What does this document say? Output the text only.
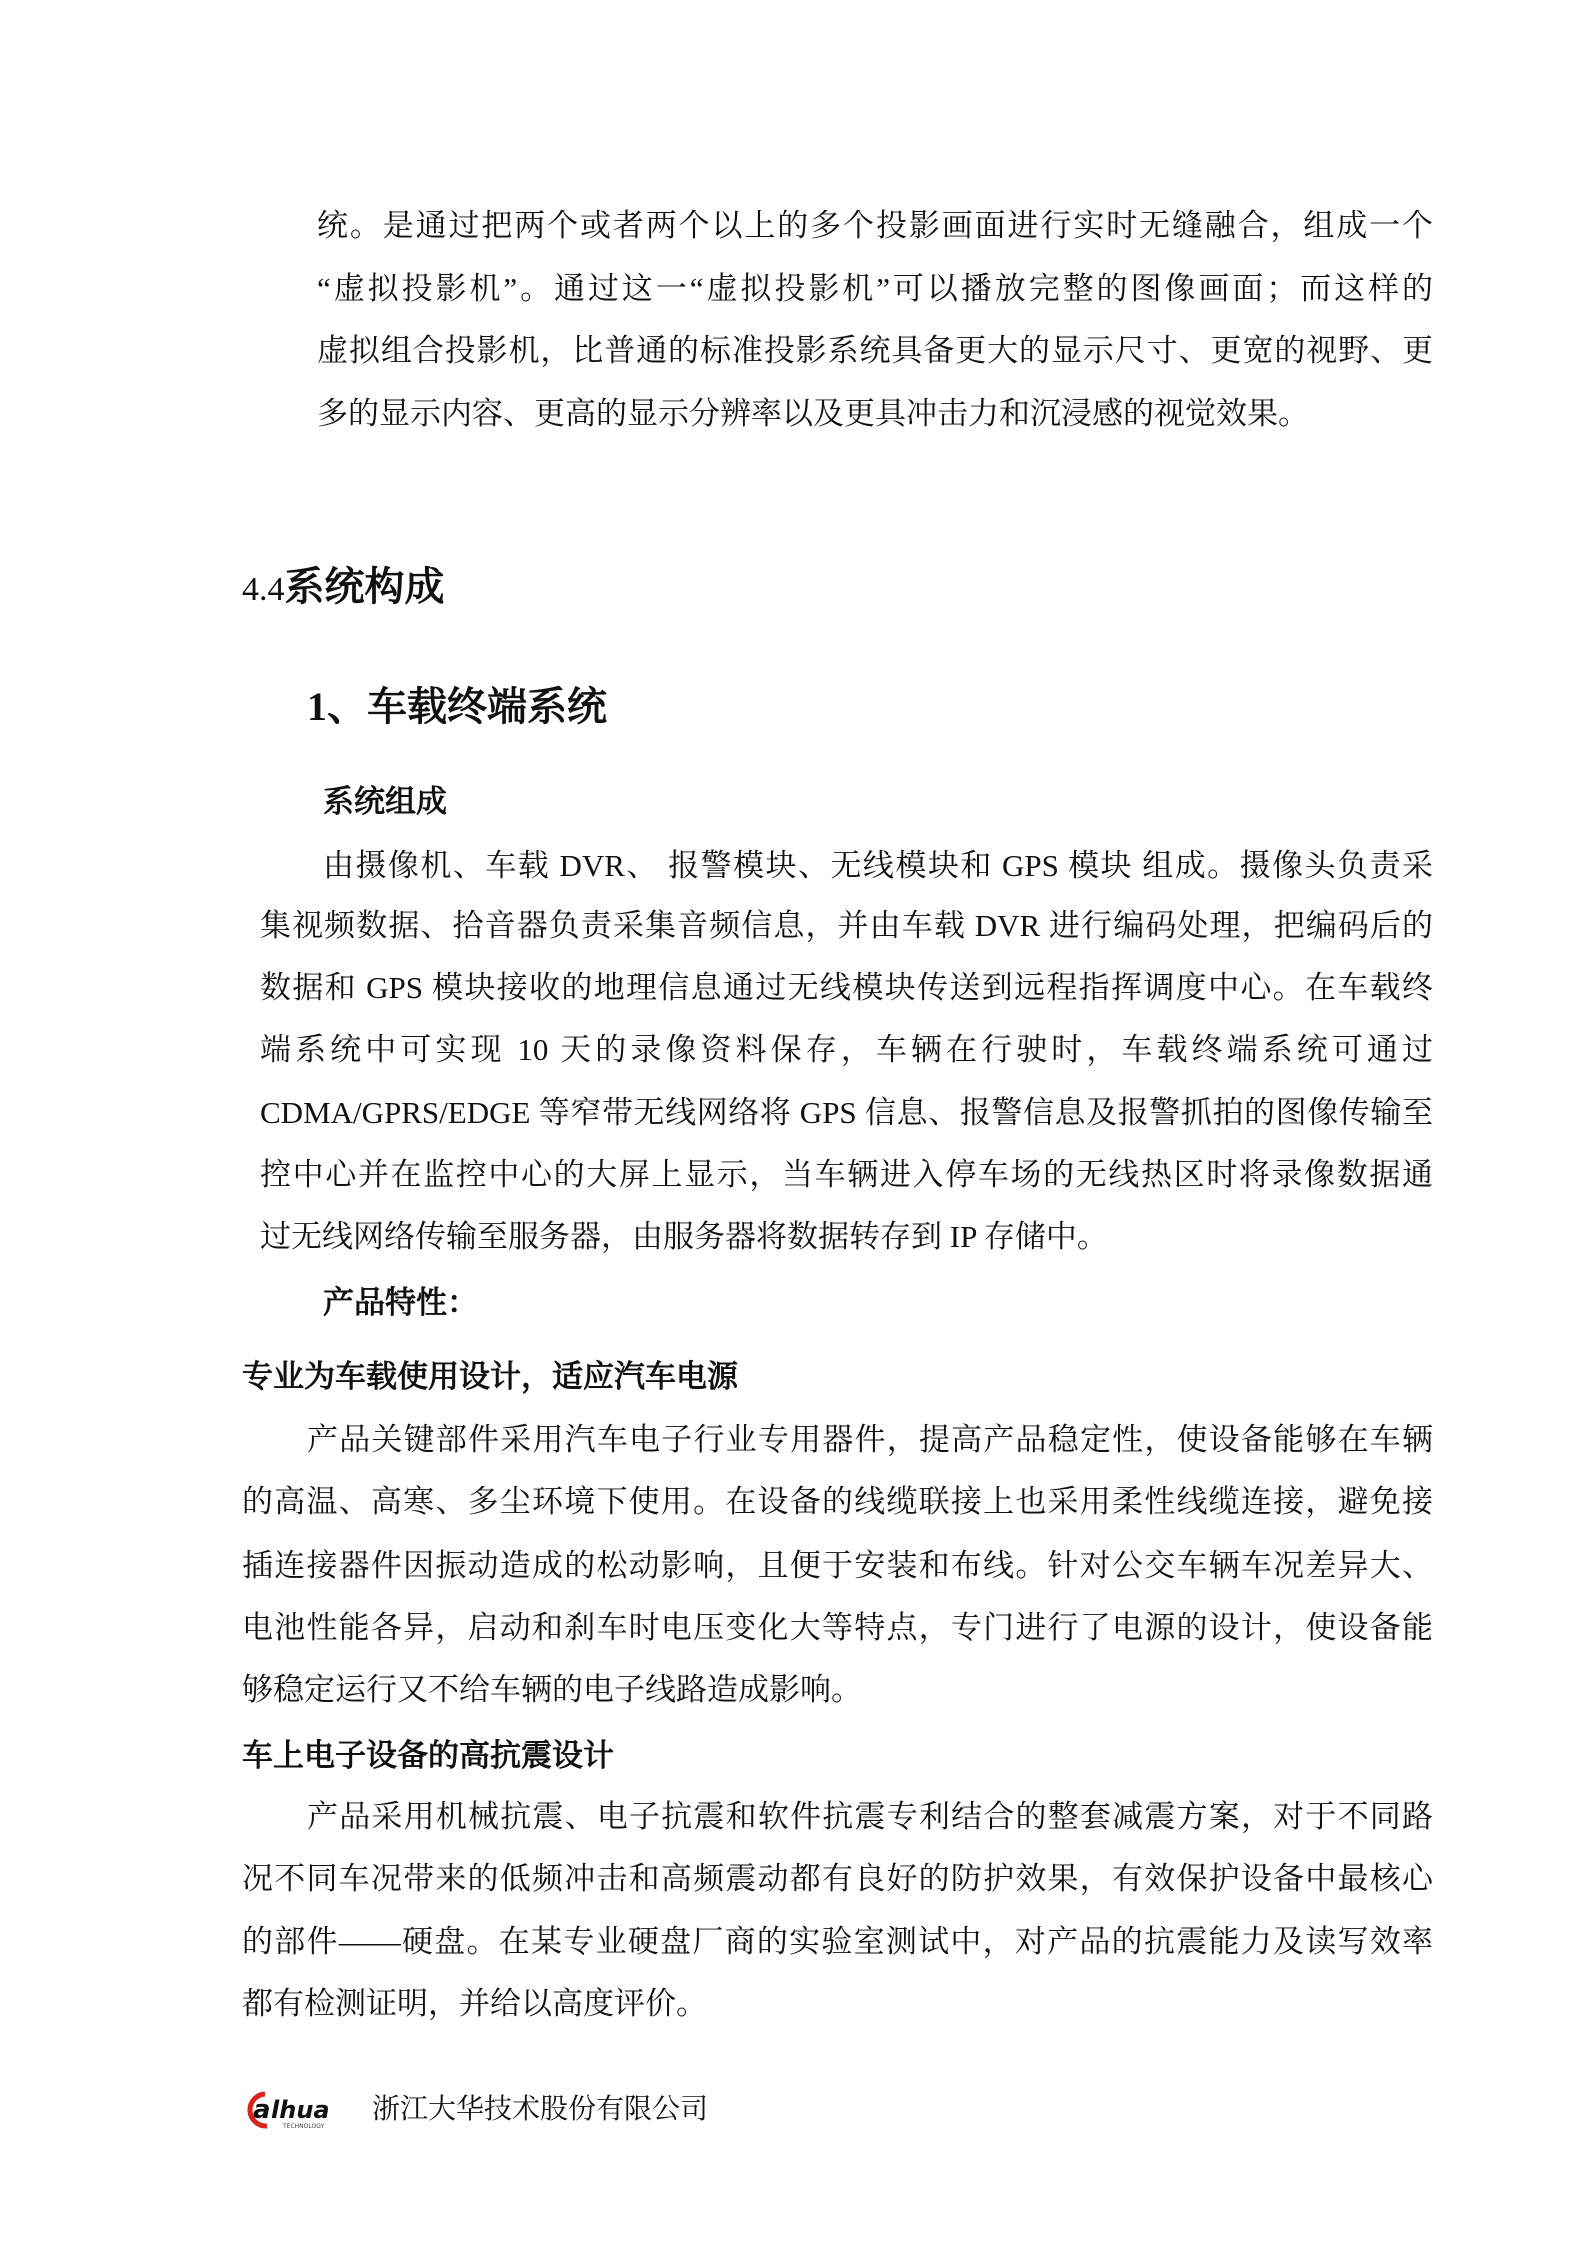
统。是通过把两个或者两个以上的多个投影画面进行实时无缝融合，组成一个
“虚拟投影机”。通过这一“虚拟投影机”可以播放完整的图像画面；而这样的
虚拟组合投影机，比普通的标准投影系统具备更大的显示尺寸、更宽的视野、更
多的显示内容、更高的显示分辨率以及更具冲击力和沉浸感的视觉效果。
4.4系统构成
1、车载终端系统
系统组成
由摄像机、车载 DVR、 报警模块、无线模块和 GPS 模块 组成。摄像头负责采
集视频数据、拾音器负责采集音频信息，并由车载 DVR 进行编码处理，把编码后的
数据和 GPS 模块接收的地理信息通过无线模块传送到远程指挥调度中心。在车载终
端系统中可实现 10 天的录像资料保存，车辆在行驶时，车载终端系统可通过
CDMA/GPRS/EDGE 等窄带无线网络将 GPS 信息、报警信息及报警抓拍的图像传输至
控中心并在监控中心的大屏上显示，当车辆进入停车场的无线热区时将录像数据通
过无线网络传输至服务器，由服务器将数据转存到 IP 存储中。
产品特性：
专业为车载使用设计，适应汽车电源
产品关键部件采用汽车电子行业专用器件，提高产品稳定性，使设备能够在车辆
的高温、高寒、多尘环境下使用。在设备的线缆联接上也采用柔性线缆连接，避免接
插连接器件因振动造成的松动影响，且便于安装和布线。针对公交车辆车况差异大、
电池性能各异，启动和刹车时电压变化大等特点，专门进行了电源的设计，使设备能
够稳定运行又不给车辆的电子线路造成影响。
车上电子设备的高抗震设计
产品采用机械抗震、电子抗震和软件抗震专利结合的整套减震方案，对于不同路
况不同车况带来的低频冲击和高频震动都有良好的防护效果，有效保护设备中最核心
的部件——硬盘。在某专业硬盘厂商的实验室测试中，对产品的抗震能力及读写效率
都有检测证明，并给以高度评价。
a lhua
TECHNOLOGY
浙江大华技术股份有限公司
